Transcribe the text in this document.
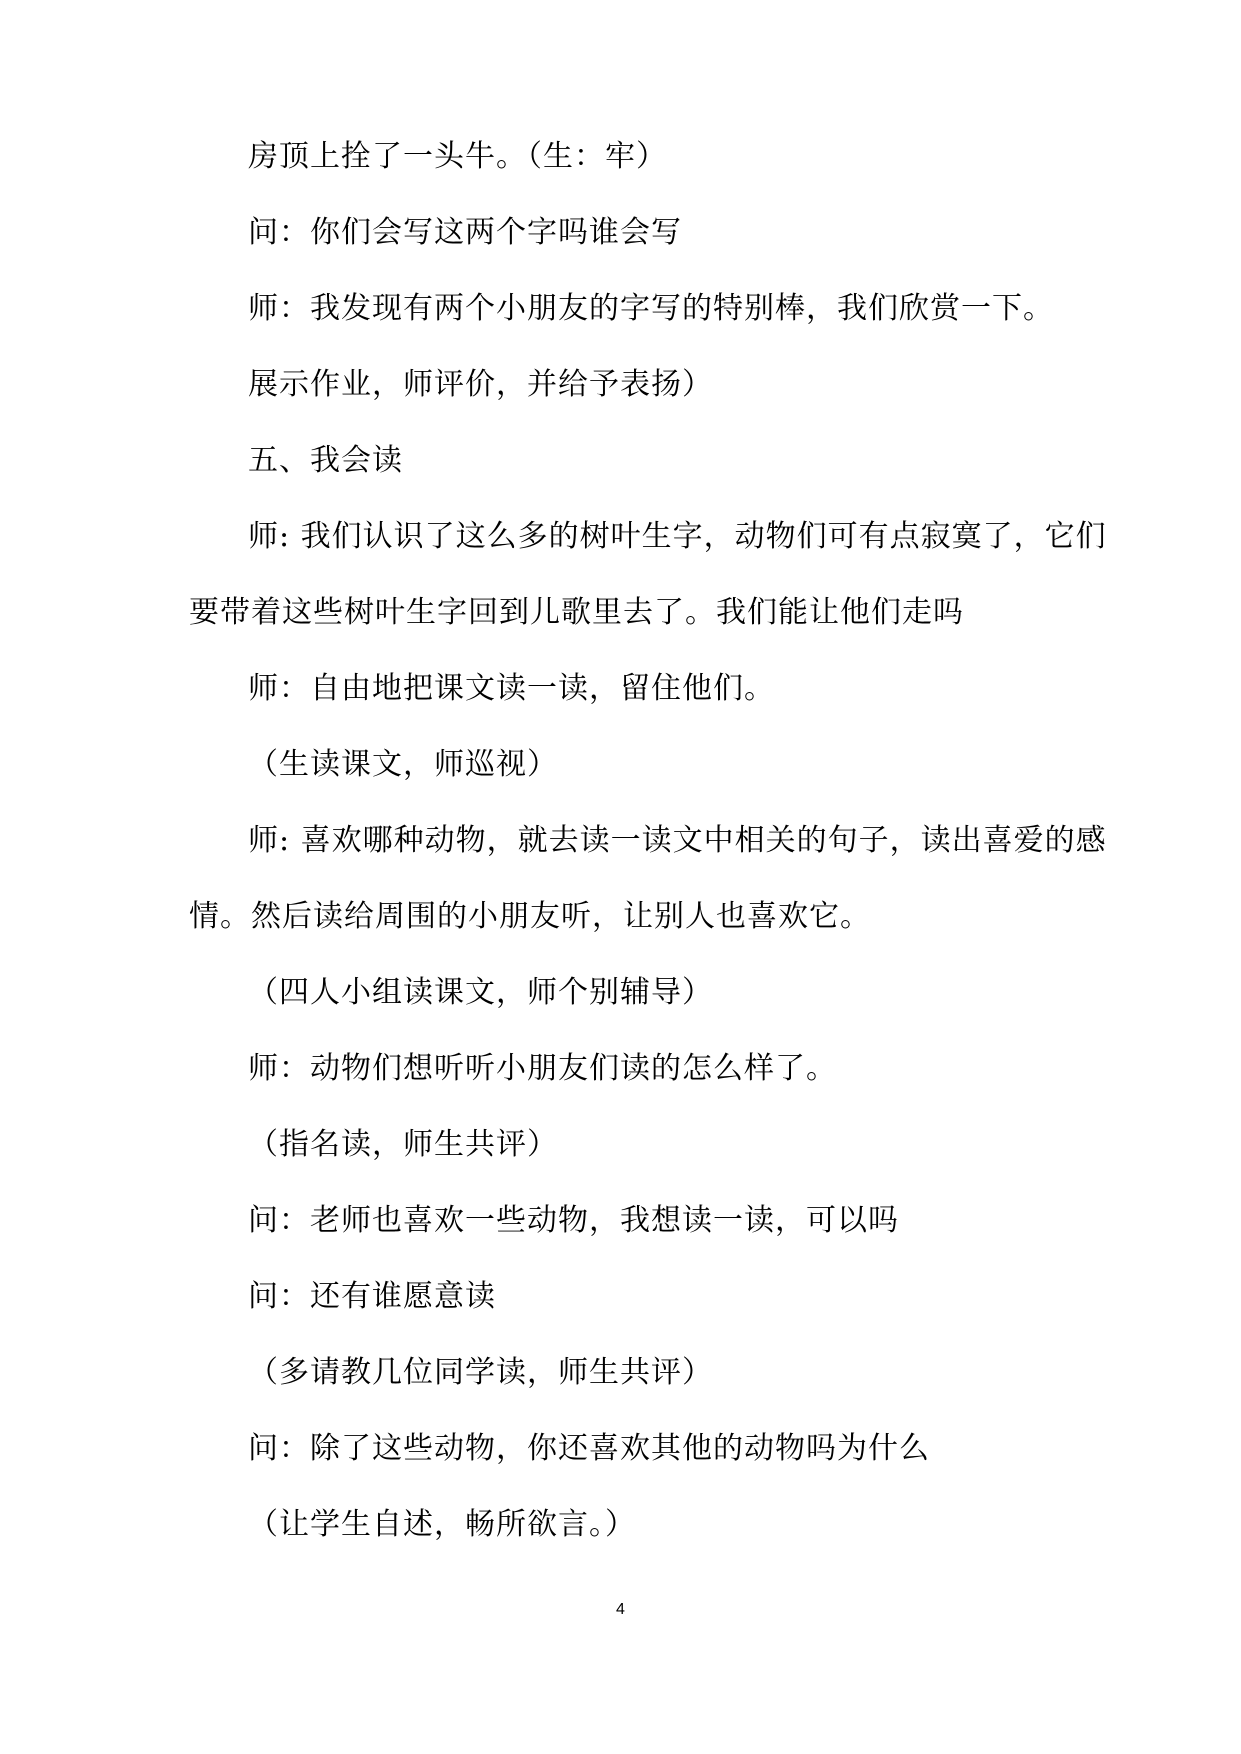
房顶上拴了一头牛。（生：牢）
问：你们会写这两个字吗谁会写
师：我发现有两个小朋友的字写的特别棒，我们欣赏一下。
展示作业，师评价，并给予表扬）
五、我会读
师: 我们认识了这么多的树叶生字，动物们可有点寂寞了，它们
要带着这些树叶生字回到儿歌里去了。我们能让他们走吗
师：自由地把课文读一读，留住他们。
（生读课文，师巡视）
师: 喜欢哪种动物，就去读一读文中相关的句子，读出喜爱的感
情。然后读给周围的小朋友听，让别人也喜欢它。
（四人小组读课文，师个别辅导）
师：动物们想听听小朋友们读的怎么样了。
（指名读，师生共评）
问：老师也喜欢一些动物，我想读一读，可以吗
问：还有谁愿意读
（多请教几位同学读，师生共评）
问：除了这些动物，你还喜欢其他的动物吗为什么
（让学生自述，畅所欲言。）
4
